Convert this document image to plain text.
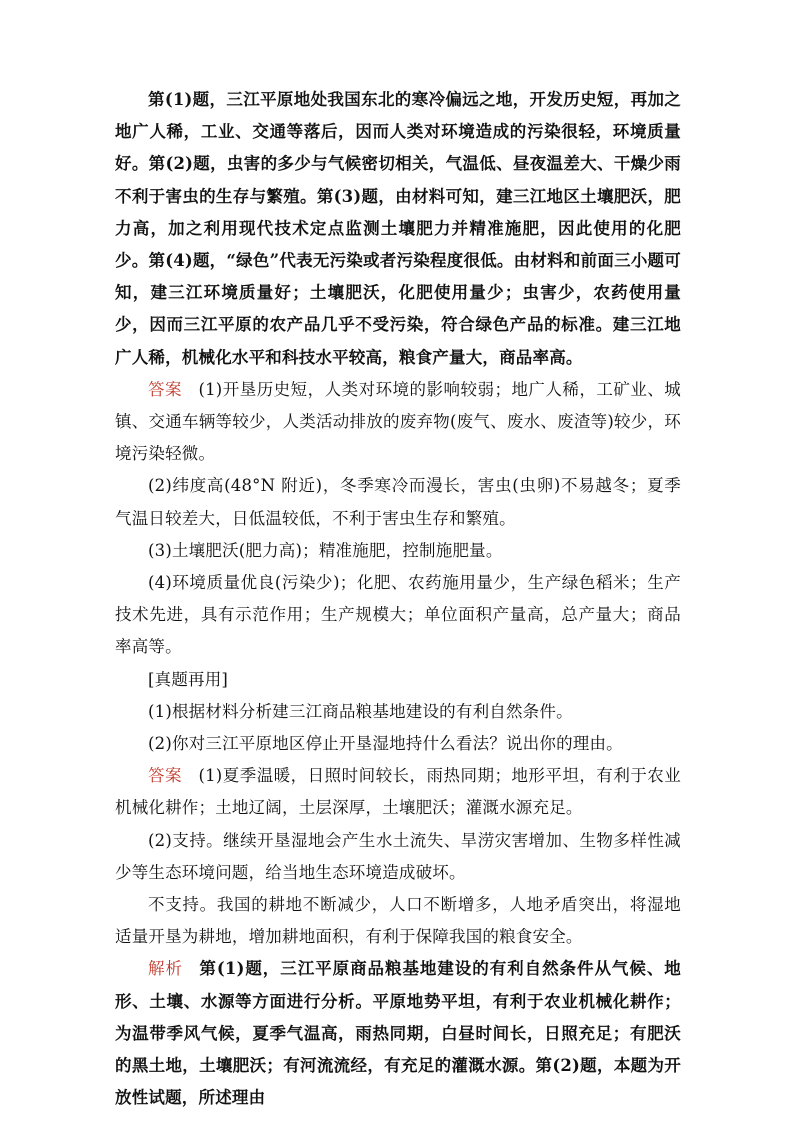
第(1)题，三江平原地处我国东北的寒冷偏远之地，开发历史短，再加之地广人稀，工业、交通等落后，因而人类对环境造成的污染很轻，环境质量好。第(2)题，虫害的多少与气候密切相关，气温低、昼夜温差大、干燥少雨不利于害虫的生存与繁殖。第(3)题，由材料可知，建三江地区土壤肥沃，肥力高，加之利用现代技术定点监测土壤肥力并精准施肥，因此使用的化肥少。第(4)题，“绿色”代表无污染或者污染程度很低。由材料和前面三小题可知，建三江环境质量好；土壤肥沃，化肥使用量少；虫害少，农药使用量少，因而三江平原的农产品几乎不受污染，符合绿色产品的标准。建三江地广人稀，机械化水平和科技水平较高，粮食产量大，商品率高。

答案 (1)开垦历史短，人类对环境的影响较弱；地广人稀，工矿业、城镇、交通车辆等较少，人类活动排放的废弃物(废气、废水、废渣等)较少，环境污染轻微。

(2)纬度高(48°N 附近)，冬季寒冷而漫长，害虫(虫卵)不易越冬；夏季气温日较差大，日低温较低，不利于害虫生存和繁殖。

(3)土壤肥沃(肥力高)；精准施肥，控制施肥量。

(4)环境质量优良(污染少)；化肥、农药施用量少，生产绿色稻米；生产技术先进，具有示范作用；生产规模大；单位面积产量高，总产量大；商品率高等。

[真题再用]

(1)根据材料分析建三江商品粮基地建设的有利自然条件。

(2)你对三江平原地区停止开垦湿地持什么看法？说出你的理由。

答案 (1)夏季温暖，日照时间较长，雨热同期；地形平坦，有利于农业机械化耕作；土地辽阔，土层深厚，土壤肥沃；灌溉水源充足。

(2)支持。继续开垦湿地会产生水土流失、旱涝灾害增加、生物多样性减少等生态环境问题，给当地生态环境造成破坏。

不支持。我国的耕地不断减少，人口不断增多，人地矛盾突出，将湿地适量开垦为耕地，增加耕地面积，有利于保障我国的粮食安全。

解析 第(1)题，三江平原商品粮基地建设的有利自然条件从气候、地形、土壤、水源等方面进行分析。平原地势平坦，有利于农业机械化耕作；为温带季风气候，夏季气温高，雨热同期，白昼时间长，日照充足；有肥沃的黑土地，土壤肥沃；有河流流经，有充足的灌溉水源。第(2)题，本题为开放性试题，所述理由
